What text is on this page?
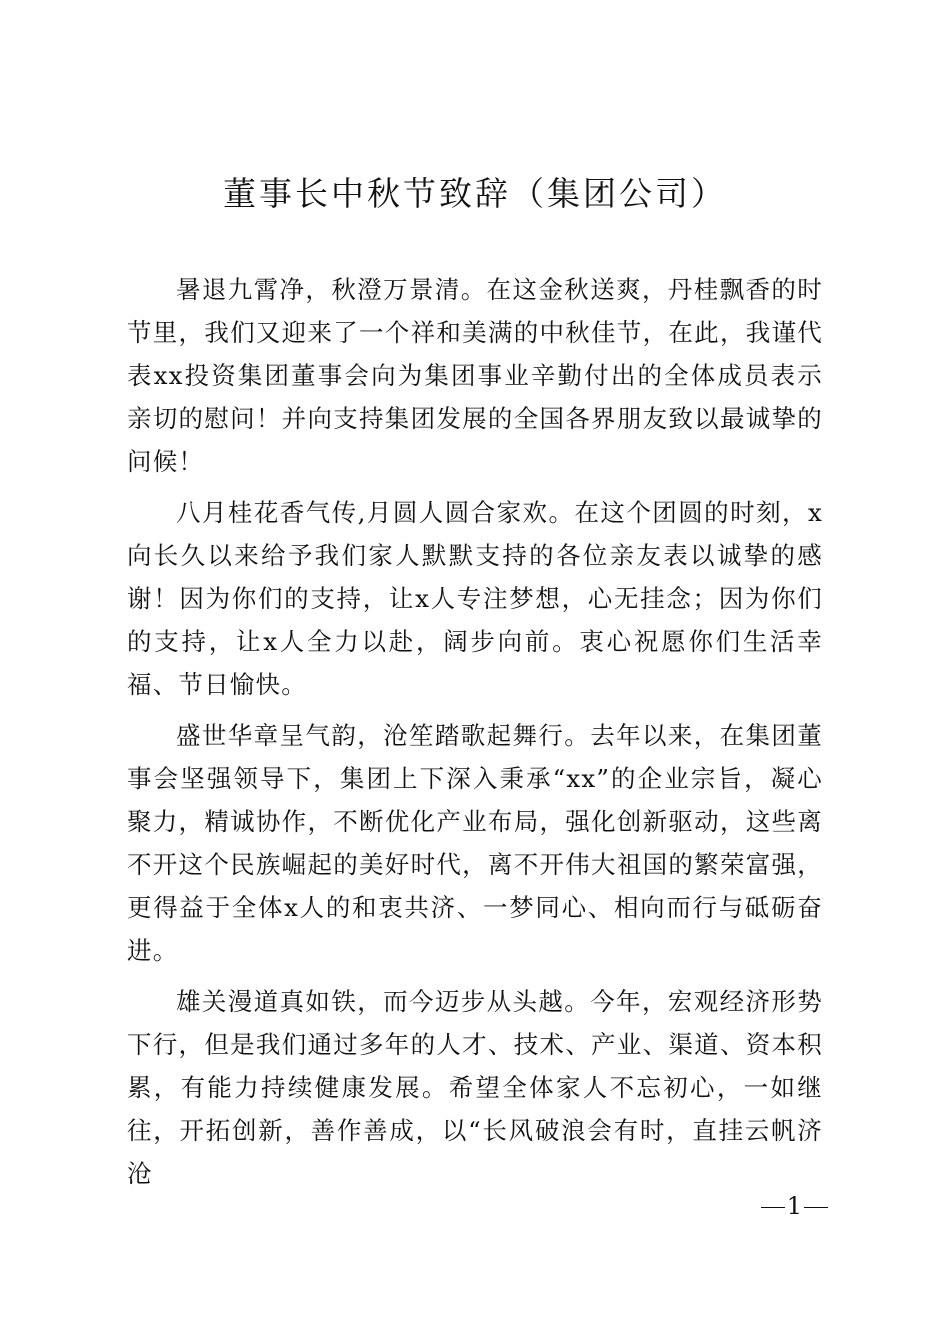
董事长中秋节致辞（集团公司）

暑退九霄净，秋澄万景清。在这金秋送爽，丹桂飘香的时节里，我们又迎来了一个祥和美满的中秋佳节，在此，我谨代表xx投资集团董事会向为集团事业辛勤付出的全体成员表示亲切的慰问！并向支持集团发展的全国各界朋友致以最诚挚的问候！

八月桂花香气传,月圆人圆合家欢。在这个团圆的时刻，x向长久以来给予我们家人默默支持的各位亲友表以诚挚的感谢！因为你们的支持，让x人专注梦想，心无挂念；因为你们的支持，让x人全力以赴，阔步向前。衷心祝愿你们生活幸福、节日愉快。

盛世华章呈气韵，沧笙踏歌起舞行。去年以来，在集团董事会坚强领导下，集团上下深入秉承“xx”的企业宗旨，凝心聚力，精诚协作，不断优化产业布局，强化创新驱动，这些离不开这个民族崛起的美好时代，离不开伟大祖国的繁荣富强，更得益于全体x人的和衷共济、一梦同心、相向而行与砥砺奋进。

雄关漫道真如铁，而今迈步从头越。今年，宏观经济形势下行，但是我们通过多年的人才、技术、产业、渠道、资本积累，有能力持续健康发展。希望全体家人不忘初心，一如继往，开拓创新，善作善成，以“长风破浪会有时，直挂云帆济沧

1
